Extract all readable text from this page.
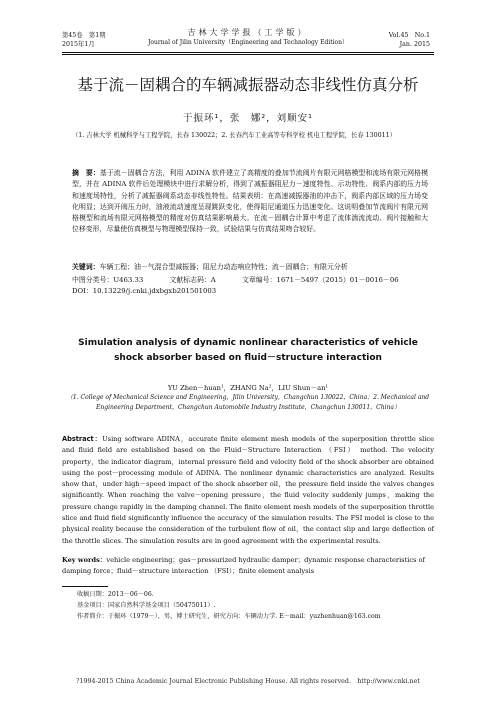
第45卷　第1期
2015年1月
吉林大学学报（工学版）
Journal of Jilin University（Engineering and Technology Edition）
Vol.45　No.1
Jan. 2015
基于流－固耦合的车辆减振器动态非线性仿真分析
于振环¹，张　娜²，刘顺安¹
（1. 吉林大学 机械科学与工程学院，长春 130022；2. 长春汽车工业高等专科学校 机电工程学院，长春 130011）
摘　要：基于流－固耦合方法，利用 ADINA 软件建立了高精度的叠加节流阀片有限元网格模型和流场有限元网格模型，并在 ADINA 软件后处理模块中进行求解分析，得到了减振器阻尼力－速度特性、示功特性、阀系内部的压力场和速度场特性，分析了减振器阀系动态非线性特性。结果表明：在高速减振器油的冲击下，阀系内部区域的压力场变化明显；达到开阀压力时，油液流动速度呈现跳跃变化，使得阻尼通道压力迅速变化。这说明叠加节流阀片有限元网格模型和流场有限元网格模型的精度对仿真结果影响最大。在流－固耦合计算中考虑了流体湍流流动、阀片接触和大位移变形，尽量使仿真模型与物理模型保持一致，试验结果与仿真结果吻合较好。
关键词：车辆工程；油－气混合型减振器；阻尼力动态响应特性；流－固耦合；有限元分析
中图分类号：U463.33	文献标志码：A	文章编号：1671－5497（2015）01－0016－06
DOI：10.13229/j.cnki.jdxbgxb201501003
Simulation analysis of dynamic nonlinear characteristics of vehicle shock absorber based on fluid－structure interaction
YU Zhen－huan¹，ZHANG Na²，LIU Shun－an¹
（1. College of Mechanical Science and Engineering，Jilin University，Changchun 130022，China；2. Mechanical and Engineering Department，Changchun Automobile Industry Institute，Changchun 130011，China）
Abstract：Using software ADINA，accurate finite element mesh models of the superposition throttle slice and fluid field are established based on the Fluid－Structure Interaction （FSI） method. The velocity property，the indicator diagram，internal pressure field and velocity field of the shock absorber are obtained using the post－processing module of ADINA. The nonlinear dynamic characteristics are analyzed. Results show that，under high－speed impact of the shock absorber oil，the pressure field inside the valves changes significantly. When reaching the valve－opening pressure，the fluid velocity suddenly jumps，making the pressure change rapidly in the damping channel. The finite element mesh models of the superposition throttle slice and fluid field significantly influence the accuracy of the simulation results. The FSI model is close to the physical reality because the consideration of the turbulent flow of oil，the contact slip and large deflection of the throttle slices. The simulation results are in good agreement with the experimental results.
Key words：vehicle engineering；gas－pressurized hydraulic damper；dynamic response characteristics of damping force；fluid－structure interaction （FSI）；finite element analysis
收稿日期：2013－06－06.
基金项目：国家自然科学基金项目（50475011）.
作者简介：于振环（1979－），男，博士研究生，研究方向：车辆动力学. E－mail：yuzhenhuan@163.com
?1994-2015 China Academic Journal Electronic Publishing House. All rights reserved.　http://www.cnki.net
